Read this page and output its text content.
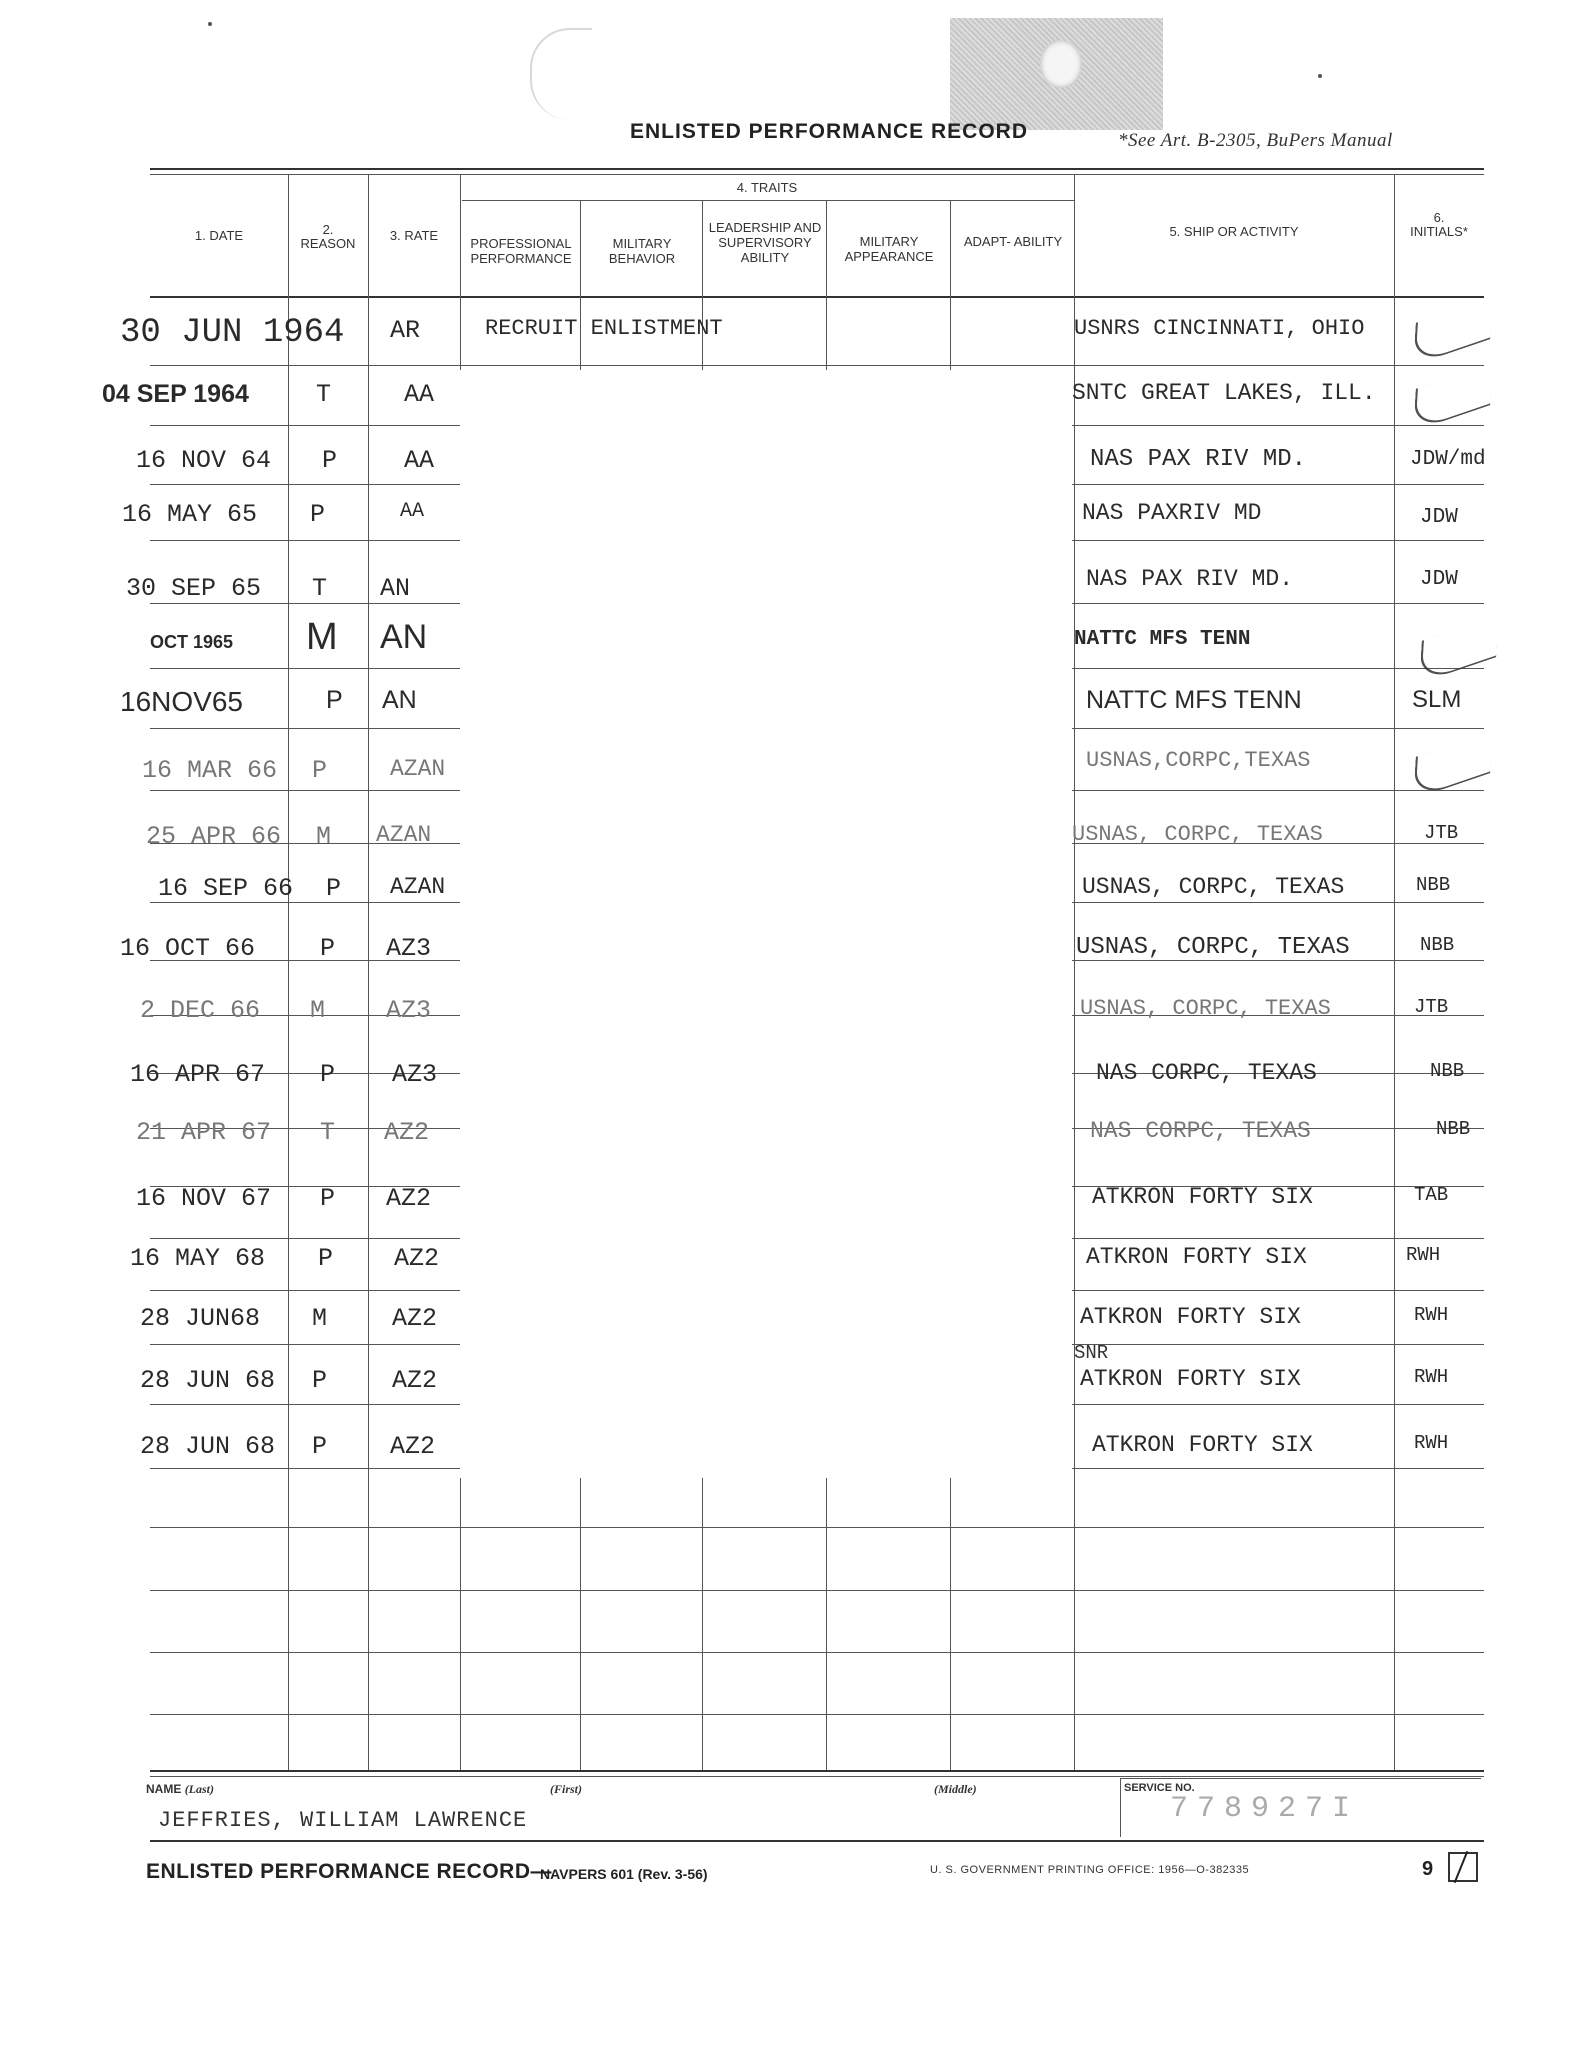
ENLISTED PERFORMANCE RECORD	*See Art. B-2305, BuPers Manual
1. DATE	2.
REASON
3. RATE
4. TRAITS
PROFESSIONAL PERFORMANCE
MILITARY BEHAVIOR
LEADERSHIP AND SUPERVISORY ABILITY
MILITARY APPEARANCE
ADAPT- ABILITY
5. SHIP OR ACTIVITY
6.
INITIALS*
30 JUN 1964 AR	RECRUIT ENLISTMENT	USNRS CINCINNATI, OHIO
04 SEP 1964	T	AA	SNTC GREAT LAKES, ILL.
16 NOV 64 P	AA	NAS PAX RIV MD.	JDW/md
16 MAY 65 P	AA	NAS PAXRIV MD	JDW
30 SEP 65 T AN	NAS PAX RIV MD.	JDW
OCT 1965 M AN	NATTC MFS TENN
16NOV65	P AN	NATTC MFS TENN	SLM
16 MAR 66 P	AZAN	USNAS,CORPC,TEXAS
25 APR 66 M AZAN	USNAS, CORPC, TEXAS	JTB
16 SEP 66 P AZAN	USNAS, CORPC, TEXAS	NBB
16 OCT 66	P AZ3	USNAS, CORPC, TEXAS	NBB
2 DEC 66 M AZ3	USNAS, CORPC, TEXAS	JTB
16 APR 67 P AZ3	NAS CORPC, TEXAS	NBB
21 APR 67 T AZ2	NAS CORPC, TEXAS	NBB
16 NOV 67 P AZ2	ATKRON FORTY SIX	TAB
16 MAY 68 P AZ2	ATKRON FORTY SIX	RWH
28 JUN68 M	AZ2	ATKRON FORTY SIX	RWH
SNR
28 JUN 68 P	AZ2	ATKRON FORTY SIX	RWH
28 JUN 68 P	AZ2	ATKRON FORTY SIX	RWH
NAME (Last)	(First)	(Middle)
JEFFRIES, WILLIAM LAWRENCE
SERVICE NO.
778927I
ENLISTED PERFORMANCE RECORD—
NAVPERS 601 (Rev. 3-56)	U. S. GOVERNMENT PRINTING OFFICE: 1956—O-382335	9
